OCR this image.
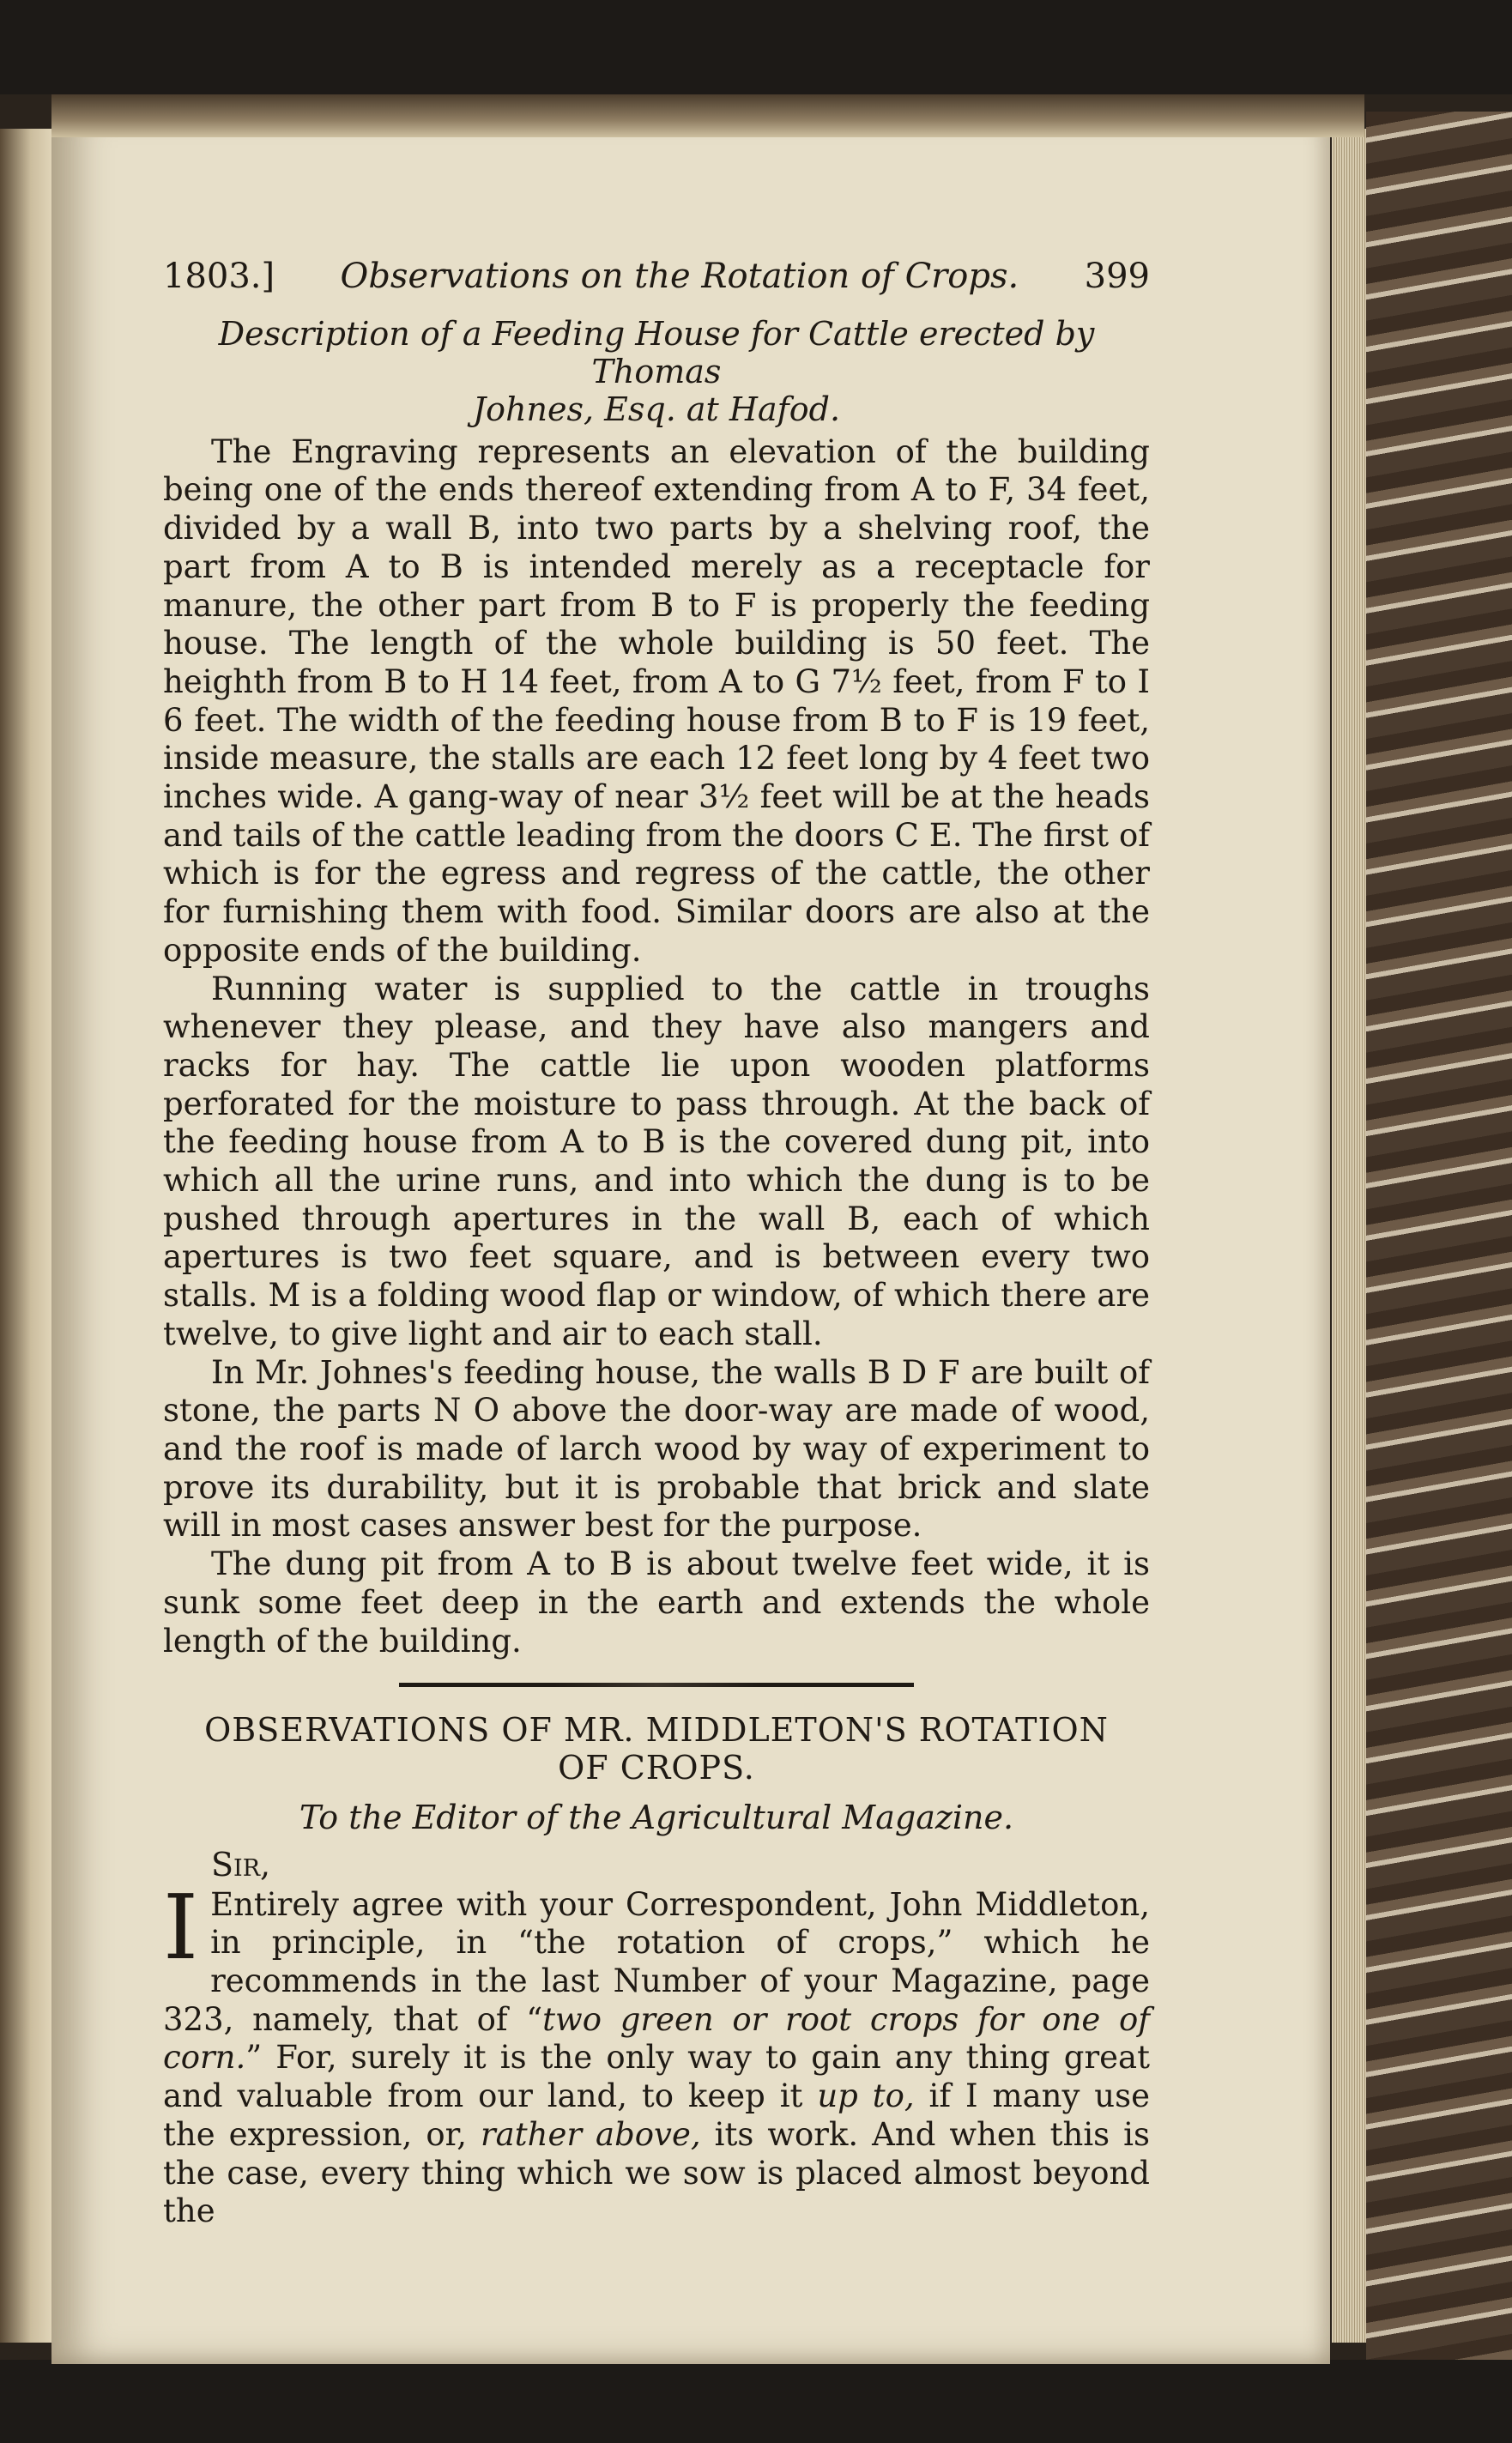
1803.] Observations on the Rotation of Crops. 399
Description of a Feeding House for Cattle erected by Thomas
Johnes, Esq. at Hafod.

The Engraving represents an elevation of the building being one of the ends thereof extending from A to F, 34 feet, divided by a wall B, into two parts by a shelving roof, the part from A to B is intended merely as a receptacle for manure, the other part from B to F is properly the feeding house. The length of the whole building is 50 feet. The heighth from B to H 14 feet, from A to G 7½ feet, from F to I 6 feet. The width of the feeding house from B to F is 19 feet, inside measure, the stalls are each 12 feet long by 4 feet two inches wide. A gang-way of near 3½ feet will be at the heads and tails of the cattle leading from the doors C E. The first of which is for the egress and regress of the cattle, the other for furnishing them with food. Similar doors are also at the opposite ends of the building.

Running water is supplied to the cattle in troughs whenever they please, and they have also mangers and racks for hay. The cattle lie upon wooden platforms perforated for the moisture to pass through. At the back of the feeding house from A to B is the covered dung pit, into which all the urine runs, and into which the dung is to be pushed through apertures in the wall B, each of which apertures is two feet square, and is between every two stalls. M is a folding wood flap or window, of which there are twelve, to give light and air to each stall.

In Mr. Johnes's feeding house, the walls B D F are built of stone, the parts N O above the door-way are made of wood, and the roof is made of larch wood by way of experiment to prove its durability, but it is probable that brick and slate will in most cases answer best for the purpose.

The dung pit from A to B is about twelve feet wide, it is sunk some feet deep in the earth and extends the whole length of the building.

OBSERVATIONS OF MR. MIDDLETON'S ROTATION
OF CROPS.
To the Editor of the Agricultural Magazine.
Sir,

I Entirely agree with your Correspondent, John Middleton, in principle, in “the rotation of crops,” which he recommends in the last Number of your Magazine, page 323, namely, that of “two green or root crops for one of corn.” For, surely it is the only way to gain any thing great and valuable from our land, to keep it up to, if I many use the expression, or, rather above, its work. And when this is the case, every thing which we sow is placed almost beyond the
